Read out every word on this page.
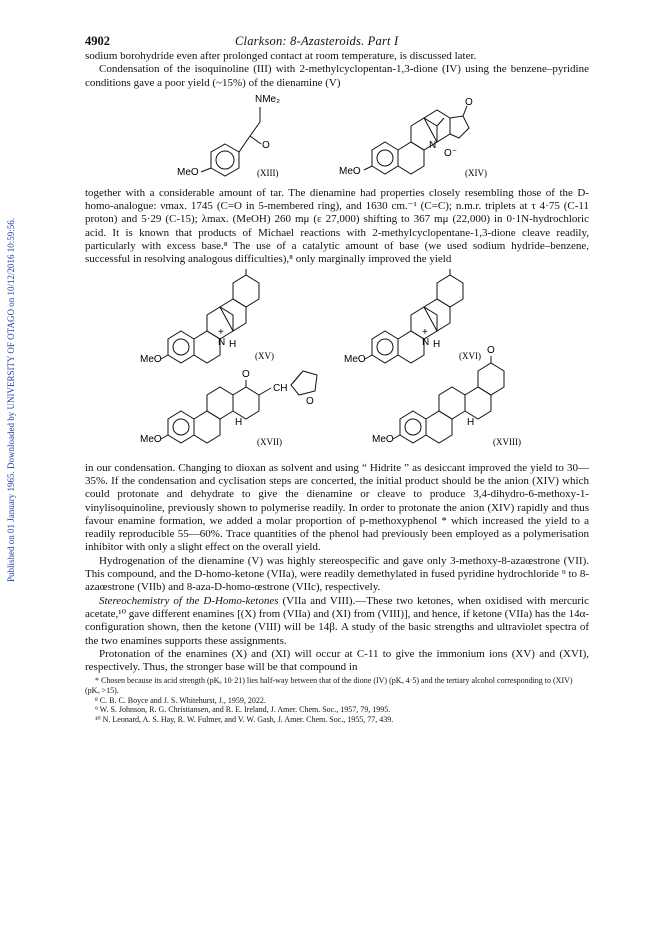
Published on 01 January 1965. Downloaded by UNIVERSITY OF OTAGO on 10/12/2016 10:59:56.
4902	Clarkson: 8-Azasteroids. Part I

sodium borohydride even after prolonged contact at room temperature, is discussed later.

Condensation of the isoquinoline (III) with 2-methylcyclopentan-1,3-dione (IV) using the benzene–pyridine conditions gave a poor yield (~15%) of the dienamine (V)

NMe₂
O
MeO	(XIII)
O
N
O⁻
MeO	(XIV)

together with a considerable amount of tar. The dienamine had properties closely resembling those of the D-homo-analogue: νmax. 1745 (C=O in 5-membered ring), and 1630 cm.⁻¹ (C=C); n.m.r. triplets at τ 4·75 (C-11 proton) and 5·29 (C-15); λmax. (MeOH) 260 mμ (ε 27,000) shifting to 367 mμ (22,000) in 0·1N-hydrochloric acid. It is known that products of Michael reactions with 2-methylcyclopentane-1,3-dione cleave readily, particularly with excess base.⁸ The use of a catalytic amount of base (we used sodium hydride–benzene, successful in resolving analogous difficulties),⁸ only marginally improved the yield

N
+
H
MeO	(XV)
N
+
H
MeO	(XVI)
O
CH
O
H
MeO	(XVII)
O
H
MeO	(XVIII)

in our condensation. Changing to dioxan as solvent and using “ Hidrite ” as desiccant improved the yield to 30—35%. If the condensation and cyclisation steps are concerted, the initial product should be the anion (XIV) which could protonate and dehydrate to give the dienamine or cleave to produce 3,4-dihydro-6-methoxy-1-vinylisoquinoline, previously shown to polymerise readily. In order to protonate the anion (XIV) rapidly and thus favour enamine formation, we added a molar proportion of p-methoxyphenol * which increased the yield to a readily reproducible 55—60%. Trace quantities of the phenol had previously been employed as a polymerisation inhibitor with only a slight effect on the overall yield.

Hydrogenation of the dienamine (V) was highly stereospecific and gave only 3-methoxy-8-azaœstrone (VII). This compound, and the D-homo-ketone (VIIa), were readily demethylated in fused pyridine hydrochloride ⁹ to 8-azaœstrone (VIIb) and 8-aza-D-homo-œstrone (VIIc), respectively.

Stereochemistry of the D-Homo-ketones (VIIa and VIII).—These two ketones, when oxidised with mercuric acetate,¹⁰ gave different enamines [(X) from (VIIa) and (XI) from (VIII)], and hence, if ketone (VIIa) has the 14α-configuration shown, then the ketone (VIII) will be 14β. A study of the basic strengths and ultraviolet spectra of the two enamines supports these assignments.

Protonation of the enamines (X) and (XI) will occur at C-11 to give the immonium ions (XV) and (XVI), respectively. Thus, the stronger base will be that compound in

* Chosen because its acid strength (pKₐ 10·21) lies half-way between that of the dione (IV) (pKₐ 4·5) and the tertiary alcohol corresponding to (XIV) (pKₐ >15).
⁸ C. B. C. Boyce and J. S. Whitehurst, J., 1959, 2022.
⁹ W. S. Johnson, R. G. Christiansen, and R. E. Ireland, J. Amer. Chem. Soc., 1957, 79, 1995.
¹⁰ N. Leonard, A. S. Hay, R. W. Fulmer, and V. W. Gash, J. Amer. Chem. Soc., 1955, 77, 439.
